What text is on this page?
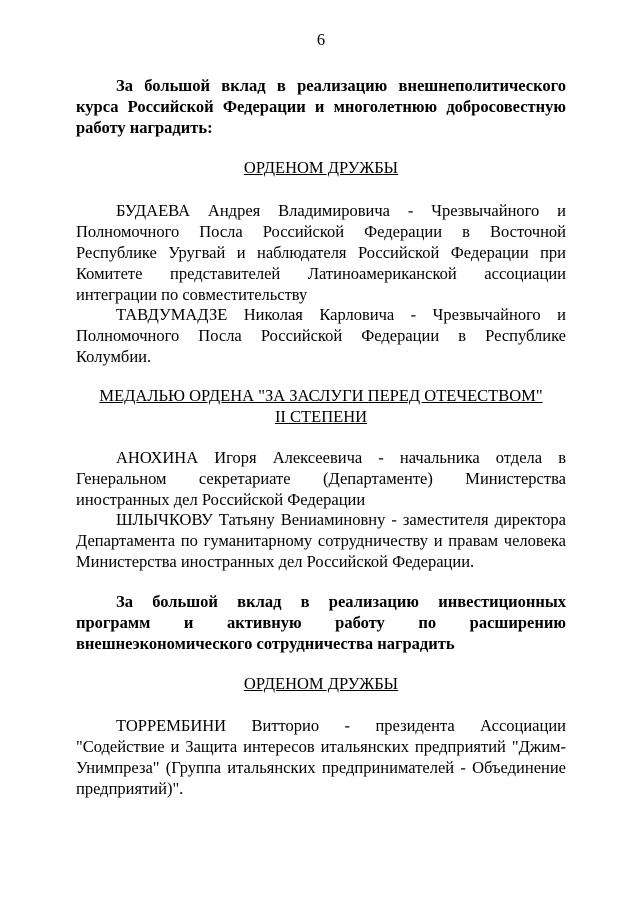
6
За большой вклад в реализацию внешнеполитического курса Российской Федерации и многолетнюю добросовестную работу наградить:
ОРДЕНОМ ДРУЖБЫ
БУДАЕВА Андрея Владимировича - Чрезвычайного и Полномочного Посла Российской Федерации в Восточной Республике Уругвай и наблюдателя Российской Федерации при Комитете представителей Латиноамериканской ассоциации интеграции по совместительству
ТАВДУМАДЗЕ Николая Карловича - Чрезвычайного и Полномочного Посла Российской Федерации в Республике Колумбии.
МЕДАЛЬЮ ОРДЕНА "ЗА ЗАСЛУГИ ПЕРЕД ОТЕЧЕСТВОМ"
II СТЕПЕНИ
АНОХИНА Игоря Алексеевича - начальника отдела в Генеральном секретариате (Департаменте) Министерства иностранных дел Российской Федерации
ШЛЫЧКОВУ Татьяну Вениаминовну - заместителя директора Департамента по гуманитарному сотрудничеству и правам человека Министерства иностранных дел Российской Федерации.
За большой вклад в реализацию инвестиционных программ и активную работу по расширению внешнеэкономического сотрудничества наградить
ОРДЕНОМ ДРУЖБЫ
ТОРРЕМБИНИ Витторио - президента Ассоциации "Содействие и Защита интересов итальянских предприятий "Джим-Унимпреза" (Группа итальянских предпринимателей - Объединение предприятий)".
